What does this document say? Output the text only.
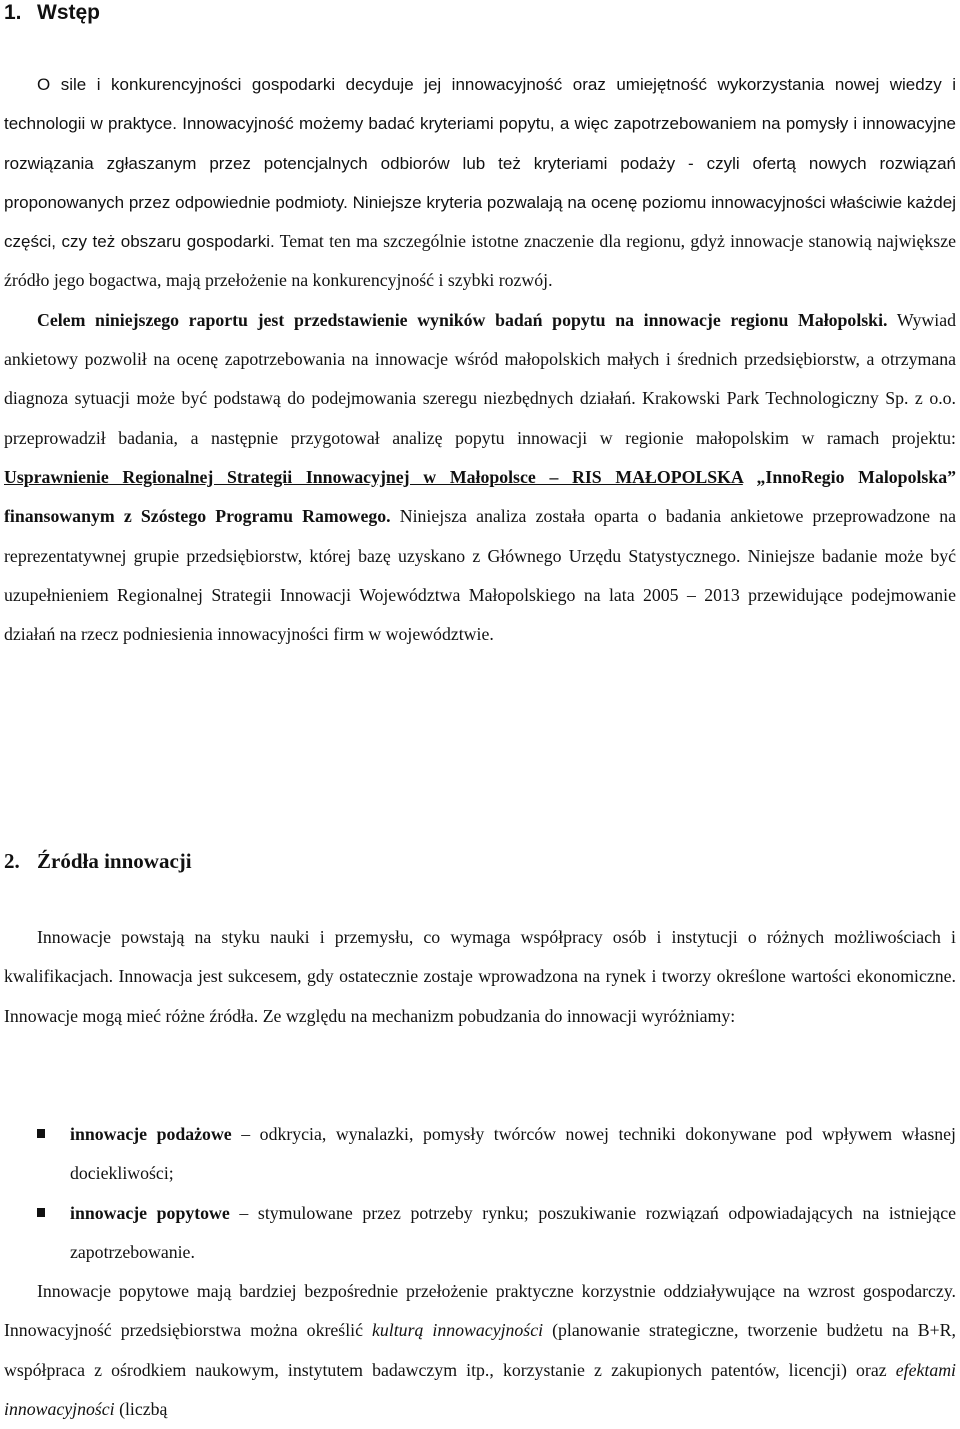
1. Wstęp

O sile i konkurencyjności gospodarki decyduje jej innowacyjność oraz umiejętność wykorzystania nowej wiedzy i technologii w praktyce. Innowacyjność możemy badać kryteriami popytu, a więc zapotrzebowaniem na pomysły i innowacyjne rozwiązania zgłaszanym przez potencjalnych odbiorów lub też kryteriami podaży - czyli ofertą nowych rozwiązań proponowanych przez odpowiednie podmioty. Niniejsze kryteria pozwalają na ocenę poziomu innowacyjności właściwie każdej części, czy też obszaru gospodarki. Temat ten ma szczególnie istotne znaczenie dla regionu, gdyż innowacje stanowią największe źródło jego bogactwa, mają przełożenie na konkurencyjność i szybki rozwój.
Celem niniejszego raportu jest przedstawienie wyników badań popytu na innowacje regionu Małopolski. Wywiad ankietowy pozwolił na ocenę zapotrzebowania na innowacje wśród małopolskich małych i średnich przedsiębiorstw, a otrzymana diagnoza sytuacji może być podstawą do podejmowania szeregu niezbędnych działań. Krakowski Park Technologiczny Sp. z o.o. przeprowadził badania, a następnie przygotował analizę popytu innowacji w regionie małopolskim w ramach projektu: Usprawnienie Regionalnej Strategii Innowacyjnej w Małopolsce – RIS MAŁOPOLSKA „InnoRegio Malopolska” finansowanym z Szóstego Programu Ramowego. Niniejsza analiza została oparta o badania ankietowe przeprowadzone na reprezentatywnej grupie przedsiębiorstw, której bazę uzyskano z Głównego Urzędu Statystycznego. Niniejsze badanie może być uzupełnieniem Regionalnej Strategii Innowacji Województwa Małopolskiego na lata 2005 – 2013 przewidujące podejmowanie działań na rzecz podniesienia innowacyjności firm w województwie.

2. Źródła innowacji

Innowacje powstają na styku nauki i przemysłu, co wymaga współpracy osób i instytucji o różnych możliwościach i kwalifikacjach. Innowacja jest sukcesem, gdy ostatecznie zostaje wprowadzona na rynek i tworzy określone wartości ekonomiczne. Innowacje mogą mieć różne źródła. Ze względu na mechanizm pobudzania do innowacji wyróżniamy:

innowacje podażowe – odkrycia, wynalazki, pomysły twórców nowej techniki dokonywane pod wpływem własnej dociekliwości;
innowacje popytowe – stymulowane przez potrzeby rynku; poszukiwanie rozwiązań odpowiadających na istniejące zapotrzebowanie.

Innowacje popytowe mają bardziej bezpośrednie przełożenie praktyczne korzystnie oddziaływujące na wzrost gospodarczy. Innowacyjność przedsiębiorstwa można określić kulturą innowacyjności (planowanie strategiczne, tworzenie budżetu na B+R, współpraca z ośrodkiem naukowym, instytutem badawczym itp., korzystanie z zakupionych patentów, licencji) oraz efektami innowacyjności (liczbą
